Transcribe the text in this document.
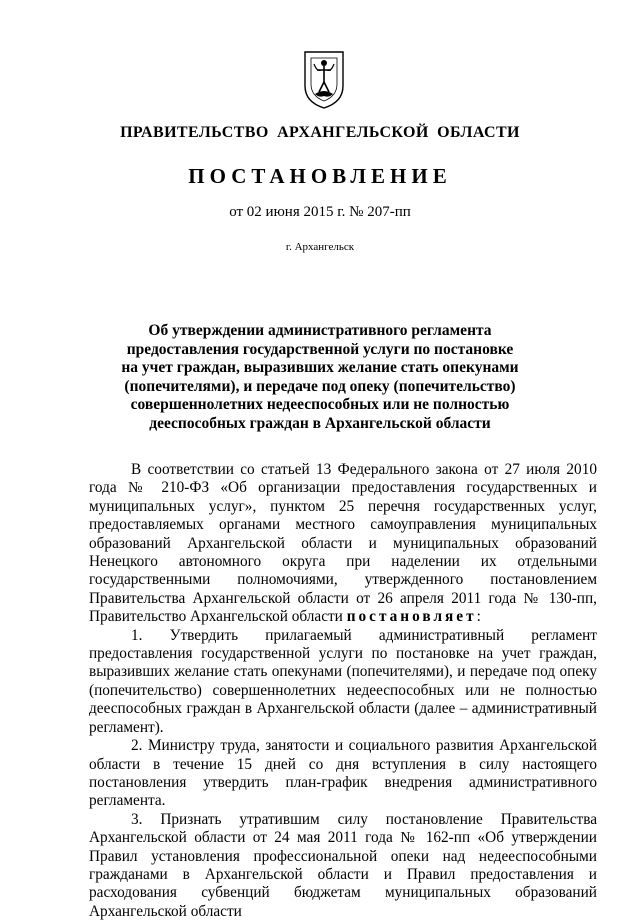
ПРАВИТЕЛЬСТВО АРХАНГЕЛЬСКОЙ ОБЛАСТИ
ПОСТАНОВЛЕНИЕ
от 02 июня 2015 г. № 207-пп
г. Архангельск
Об утверждении административного регламента
предоставления государственной услуги по постановке
на учет граждан, выразивших желание стать опекунами
(попечителями), и передаче под опеку (попечительство)
совершеннолетних недееспособных или не полностью
дееспособных граждан в Архангельской области

В соответствии со статьей 13 Федерального закона от 27 июля 2010 года № 210-ФЗ «Об организации предоставления государственных и муниципальных услуг», пунктом 25 перечня государственных услуг, предоставляемых органами местного самоуправления муниципальных образований Архангельской области и муниципальных образований Ненецкого автономного округа при наделении их отдельными государственными полномочиями, утвержденного постановлением Правительства Архангельской области от 26 апреля 2011 года № 130-пп, Правительство Архангельской области постановляет:

1. Утвердить прилагаемый административный регламент предоставления государственной услуги по постановке на учет граждан, выразивших желание стать опекунами (попечителями), и передаче под опеку (попечительство) совершеннолетних недееспособных или не полностью дееспособных граждан в Архангельской области (далее – административный регламент).

2. Министру труда, занятости и социального развития Архангельской области в течение 15 дней со дня вступления в силу настоящего постановления утвердить план-график внедрения административного регламента.

3. Признать утратившим силу постановление Правительства Архангельской области от 24 мая 2011 года № 162-пп «Об утверждении Правил установления профессиональной опеки над недееспособными гражданами в Архангельской области и Правил предоставления и расходования субвенций бюджетам муниципальных образований Архангельской области
